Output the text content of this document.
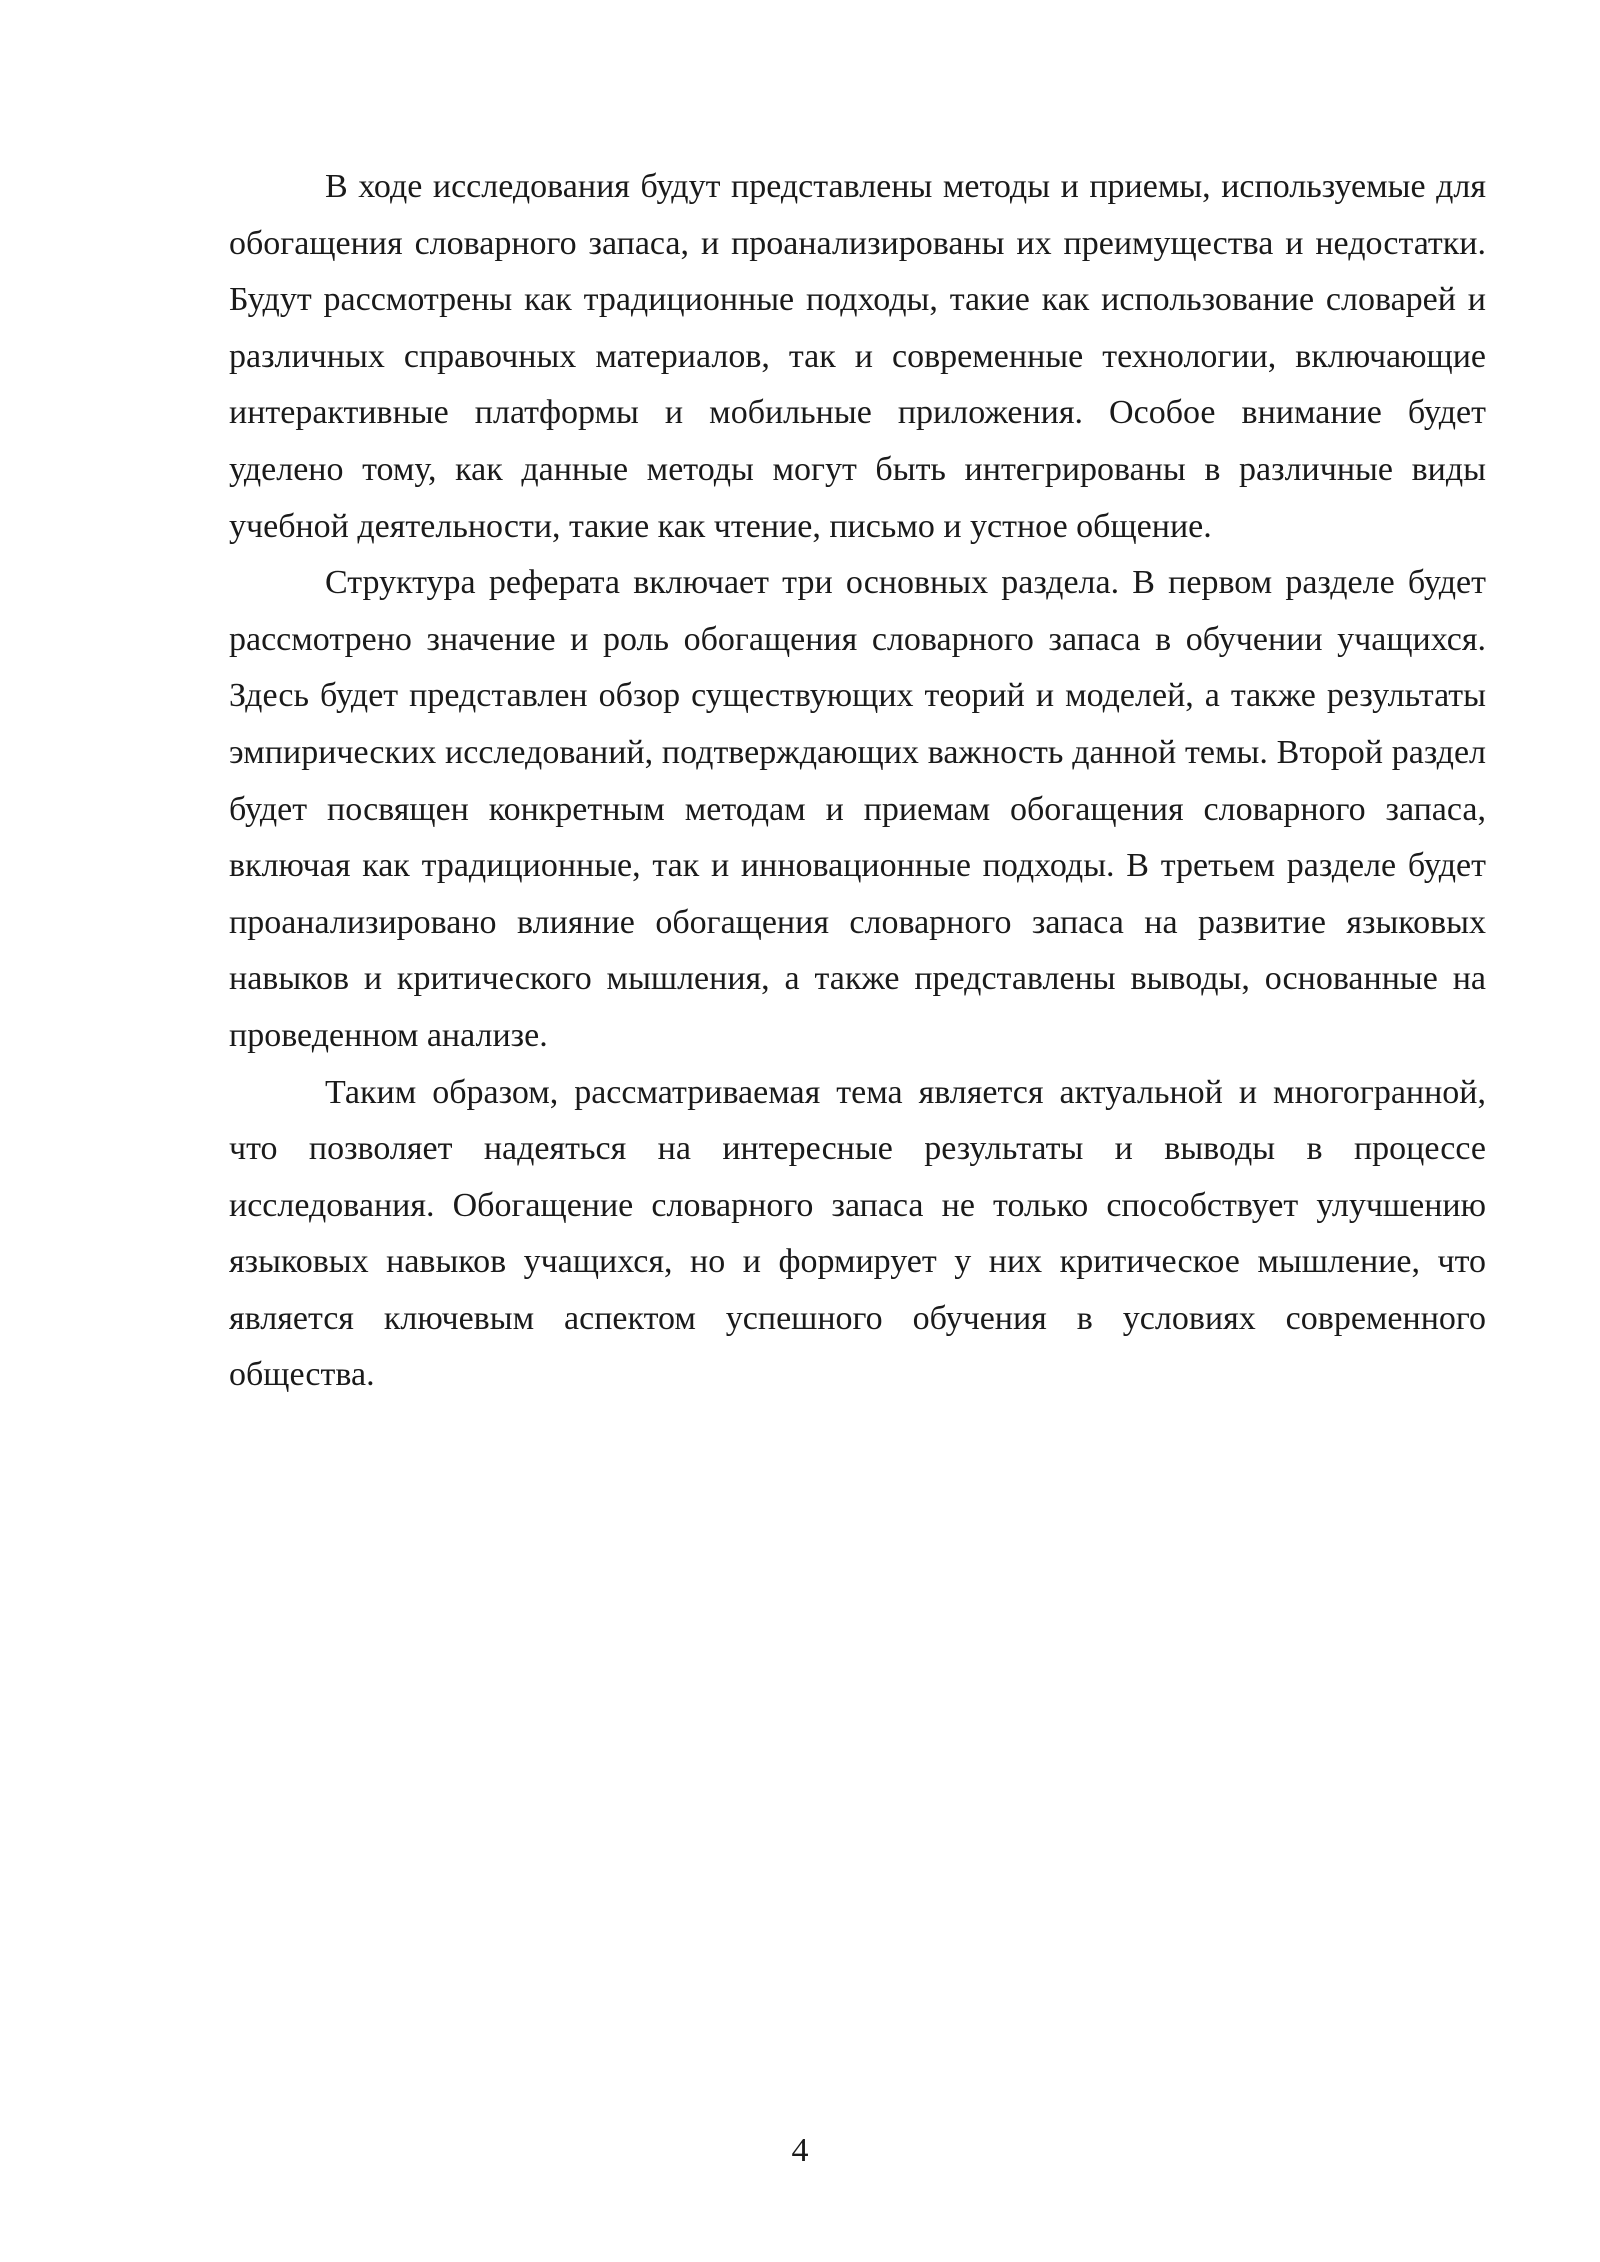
В ходе исследования будут представлены методы и приемы, используемые для обогащения словарного запаса, и проанализированы их преимущества и недостатки. Будут рассмотрены как традиционные подходы, такие как использование словарей и различных справочных материалов, так и современные технологии, включающие интерактивные платформы и мобильные приложения. Особое внимание будет уделено тому, как данные методы могут быть интегрированы в различные виды учебной деятельности, такие как чтение, письмо и устное общение.

Структура реферата включает три основных раздела. В первом разделе будет рассмотрено значение и роль обогащения словарного запаса в обучении учащихся. Здесь будет представлен обзор существующих теорий и моделей, а также результаты эмпирических исследований, подтверждающих важность данной темы. Второй раздел будет посвящен конкретным методам и приемам обогащения словарного запаса, включая как традиционные, так и инновационные подходы. В третьем разделе будет проанализировано влияние обогащения словарного запаса на развитие языковых навыков и критического мышления, а также представлены выводы, основанные на проведенном анализе.

Таким образом, рассматриваемая тема является актуальной и многогранной, что позволяет надеяться на интересные результаты и выводы в процессе исследования. Обогащение словарного запаса не только способствует улучшению языковых навыков учащихся, но и формирует у них критическое мышление, что является ключевым аспектом успешного обучения в условиях современного общества.

4
